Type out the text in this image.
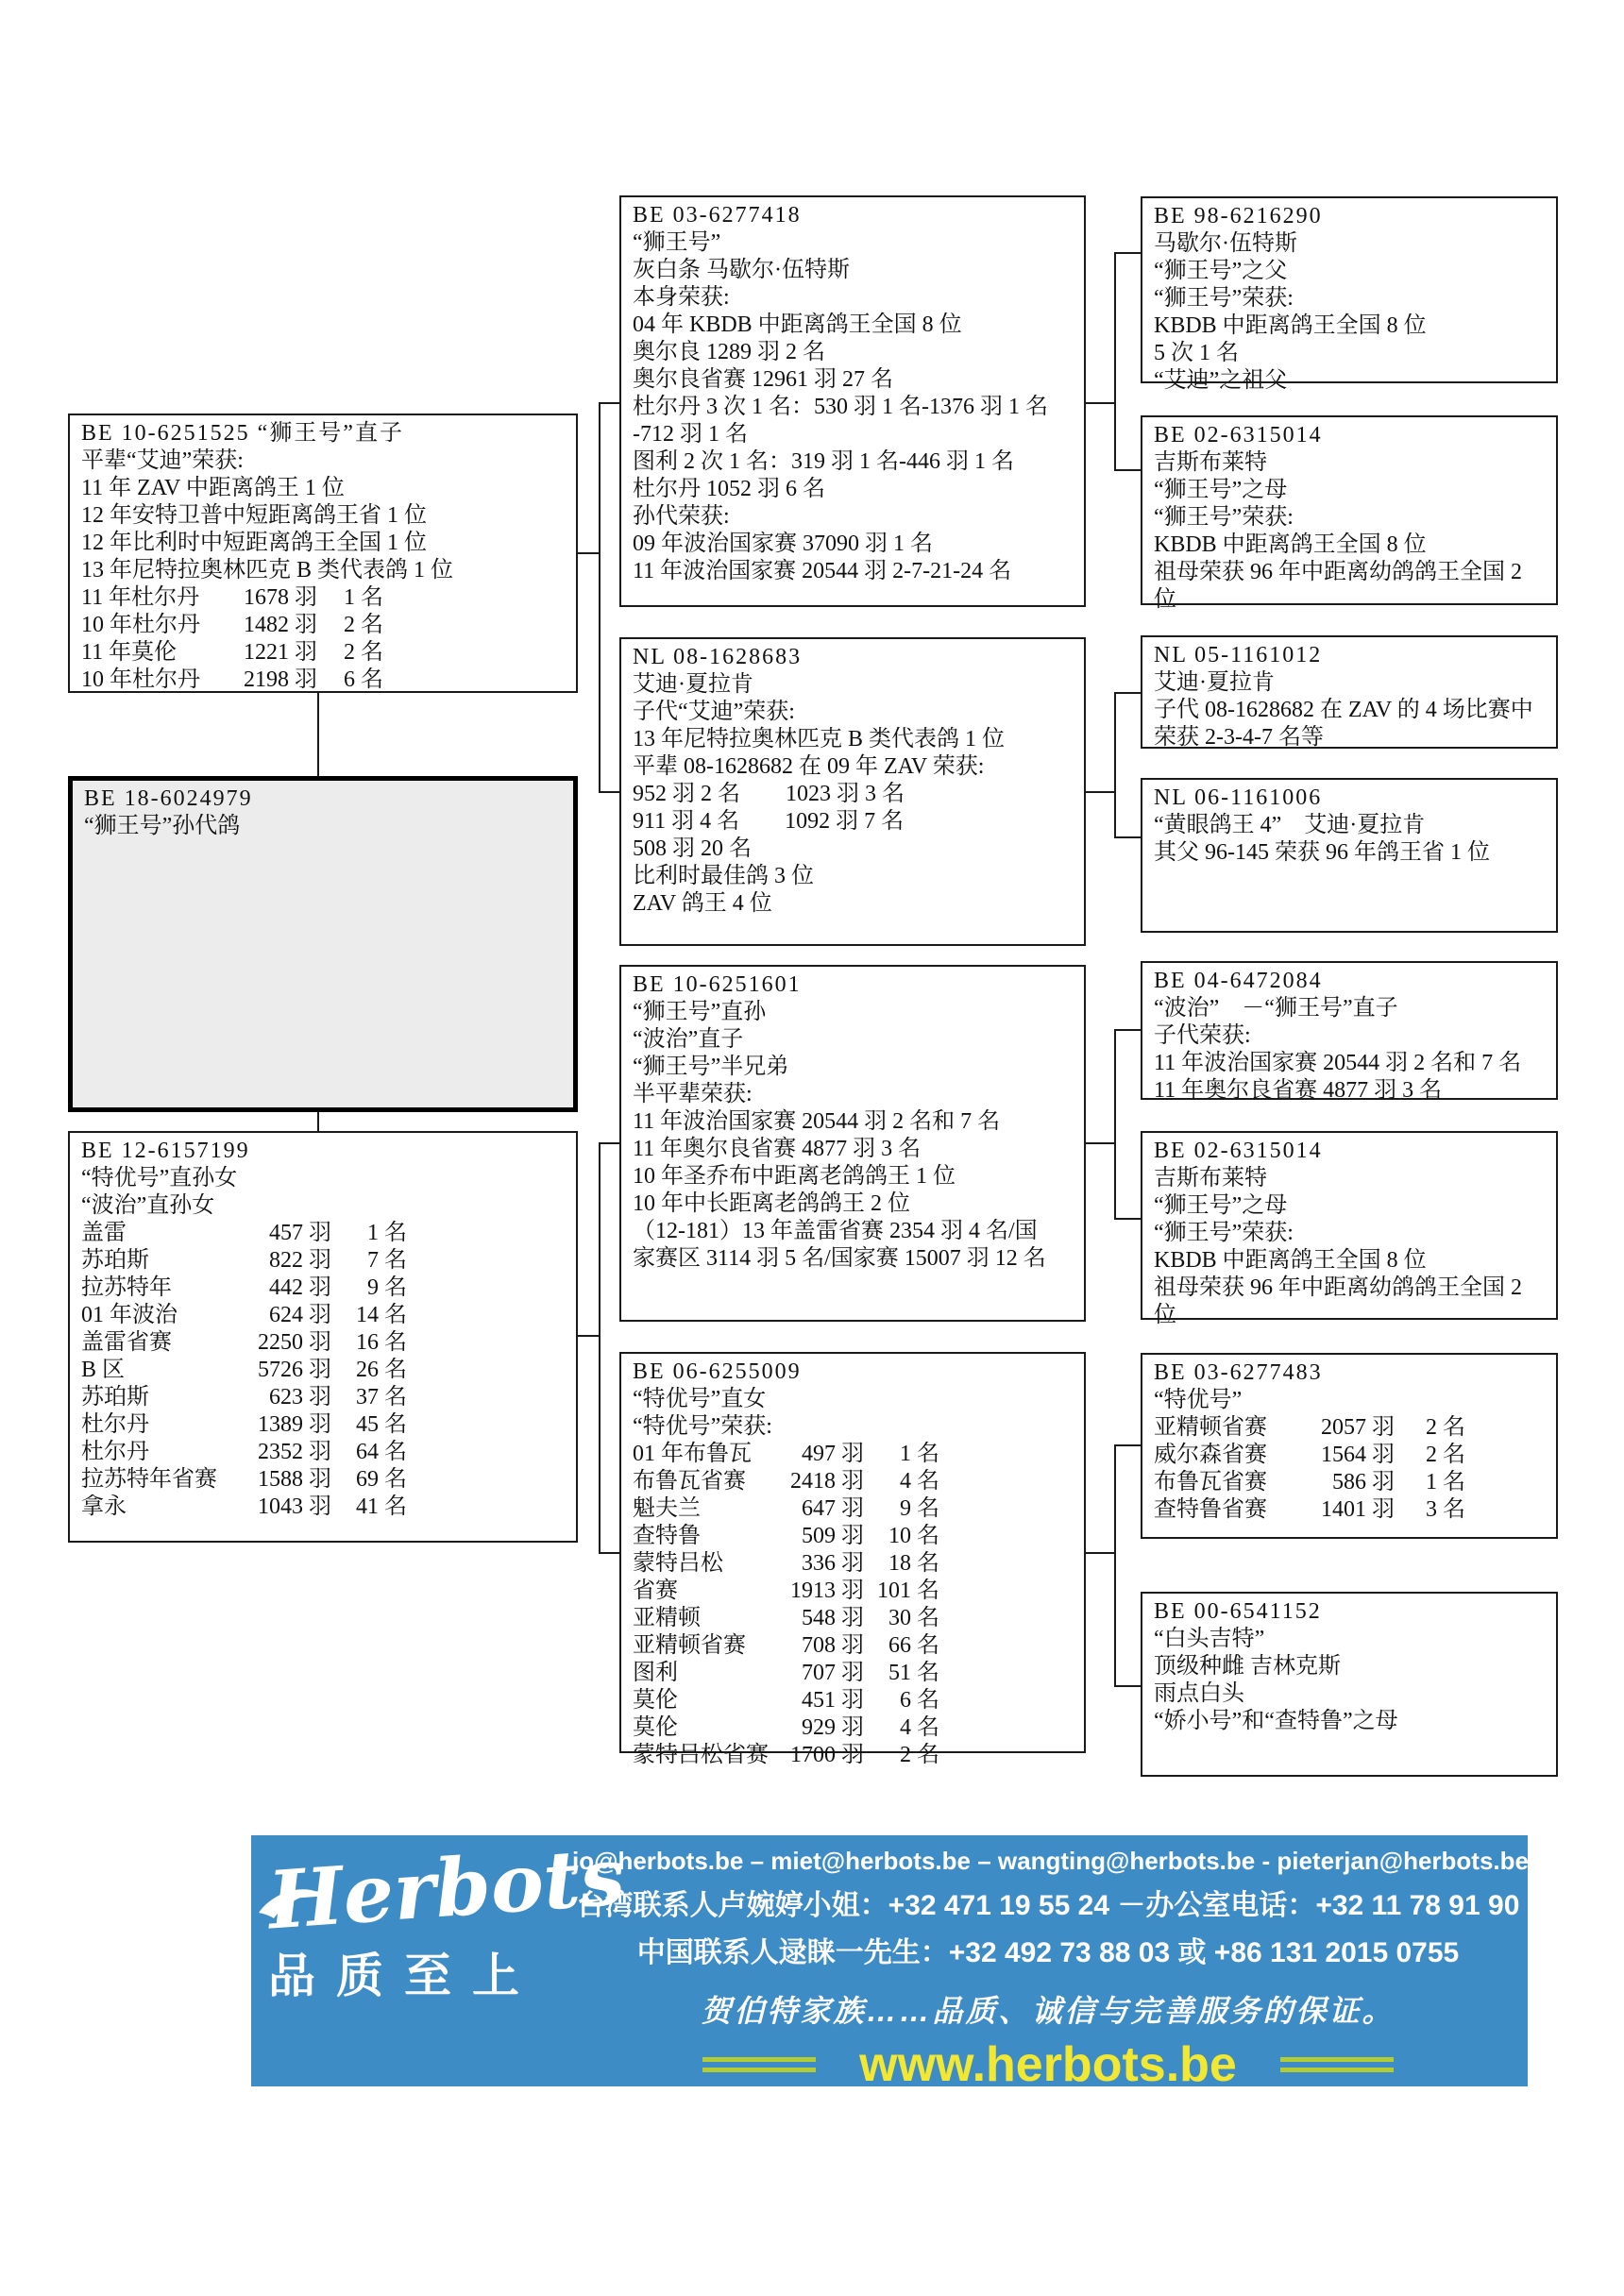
BE 10-6251525 “狮王号”直子
平辈“艾迪”荣获:
11 年 ZAV 中距离鸽王 1 位
12 年安特卫普中短距离鸽王省 1 位
12 年比利时中短距离鸽王全国 1 位
13 年尼特拉奥林匹克 B 类代表鸽 1 位
11 年杜尔丹	1678 羽	1 名
10 年杜尔丹	1482 羽	2 名
11 年莫伦	1221 羽	2 名
10 年杜尔丹	2198 羽	6 名
BE 18-6024979
“狮王号”孙代鸽
BE 12-6157199
“特优号”直孙女
“波治”直孙女
盖雷	457 羽	1 名
苏珀斯	822 羽	7 名
拉苏特年	442 羽	9 名
01 年波治	624 羽	14 名
盖雷省赛	2250 羽	16 名
B 区	5726 羽	26 名
苏珀斯	623 羽	37 名
杜尔丹	1389 羽	45 名
杜尔丹	2352 羽	64 名
拉苏特年省赛	1588 羽	69 名
拿永	1043 羽	41 名
BE 03-6277418
“狮王号”
灰白条 马歇尔·伍特斯
本身荣获:
04 年 KBDB 中距离鸽王全国 8 位
奥尔良 1289 羽 2 名
奥尔良省赛 12961 羽 27 名
杜尔丹 3 次 1 名：530 羽 1 名-1376 羽 1 名
-712 羽 1 名
图利 2 次 1 名：319 羽 1 名-446 羽 1 名
杜尔丹 1052 羽 6 名
孙代荣获:
09 年波治国家赛 37090 羽 1 名
11 年波治国家赛 20544 羽 2-7-21-24 名
NL 08-1628683
艾迪·夏拉肯
子代“艾迪”荣获:
13 年尼特拉奥林匹克 B 类代表鸽 1 位
平辈 08-1628682 在 09 年 ZAV 荣获:
952 羽 2 名　　1023 羽 3 名
911 羽 4 名　　1092 羽 7 名
508 羽 20 名
比利时最佳鸽 3 位
ZAV 鸽王 4 位
BE 10-6251601
“狮王号”直孙
“波治”直子
“狮王号”半兄弟
半平辈荣获:
11 年波治国家赛 20544 羽 2 名和 7 名
11 年奥尔良省赛 4877 羽 3 名
10 年圣乔布中距离老鸽鸽王 1 位
10 年中长距离老鸽鸽王 2 位
（12-181）13 年盖雷省赛 2354 羽 4 名/国
家赛区 3114 羽 5 名/国家赛 15007 羽 12 名
BE 06-6255009
“特优号”直女
“特优号”荣获:
01 年布鲁瓦	497 羽	1 名
布鲁瓦省赛	2418 羽	4 名
魁夫兰	647 羽	9 名
查特鲁	509 羽	10 名
蒙特吕松	336 羽	18 名
省赛	1913 羽 101 名
亚精顿	548 羽	30 名
亚精顿省赛	708 羽	66 名
图利	707 羽	51 名
莫伦	451 羽	6 名
莫伦	929 羽	4 名
蒙特吕松省赛 1700 羽	2 名
BE 98-6216290
马歇尔·伍特斯
“狮王号”之父
“狮王号”荣获:
KBDB 中距离鸽王全国 8 位
5 次 1 名
“艾迪”之祖父
BE 02-6315014
吉斯布莱特
“狮王号”之母
“狮王号”荣获:
KBDB 中距离鸽王全国 8 位
祖母荣获 96 年中距离幼鸽鸽王全国 2
位
NL 05-1161012
艾迪·夏拉肯
子代 08-1628682 在 ZAV 的 4 场比赛中
荣获 2-3-4-7 名等
NL 06-1161006
“黄眼鸽王 4”　艾迪·夏拉肯
其父 96-145 荣获 96 年鸽王省 1 位
BE 04-6472084
“波治”　－“狮王号”直子
子代荣获:
11 年波治国家赛 20544 羽 2 名和 7 名
11 年奥尔良省赛 4877 羽 3 名
BE 02-6315014
吉斯布莱特
“狮王号”之母
“狮王号”荣获:
KBDB 中距离鸽王全国 8 位
祖母荣获 96 年中距离幼鸽鸽王全国 2
位
BE 03-6277483
“特优号”
亚精顿省赛	2057 羽	2 名
威尔森省赛	1564 羽	2 名
布鲁瓦省赛	586 羽	1 名
查特鲁省赛	1401 羽	3 名
BE 00-6541152
“白头吉特”
顶级种雌 吉林克斯
雨点白头
“娇小号”和“查特鲁”之母
Herbots
品质至上
jo@herbots.be – miet@herbots.be – wangting@herbots.be - pieterjan@herbots.be
台湾联系人卢婉婷小姐：+32 471 19 55 24 －办公室电话：+32 11 78 91 90
中国联系人逯睐一先生：+32 492 73 88 03 或 +86 131 2015 0755
贺伯特家族……品质、诚信与完善服务的保证。
www.herbots.be
